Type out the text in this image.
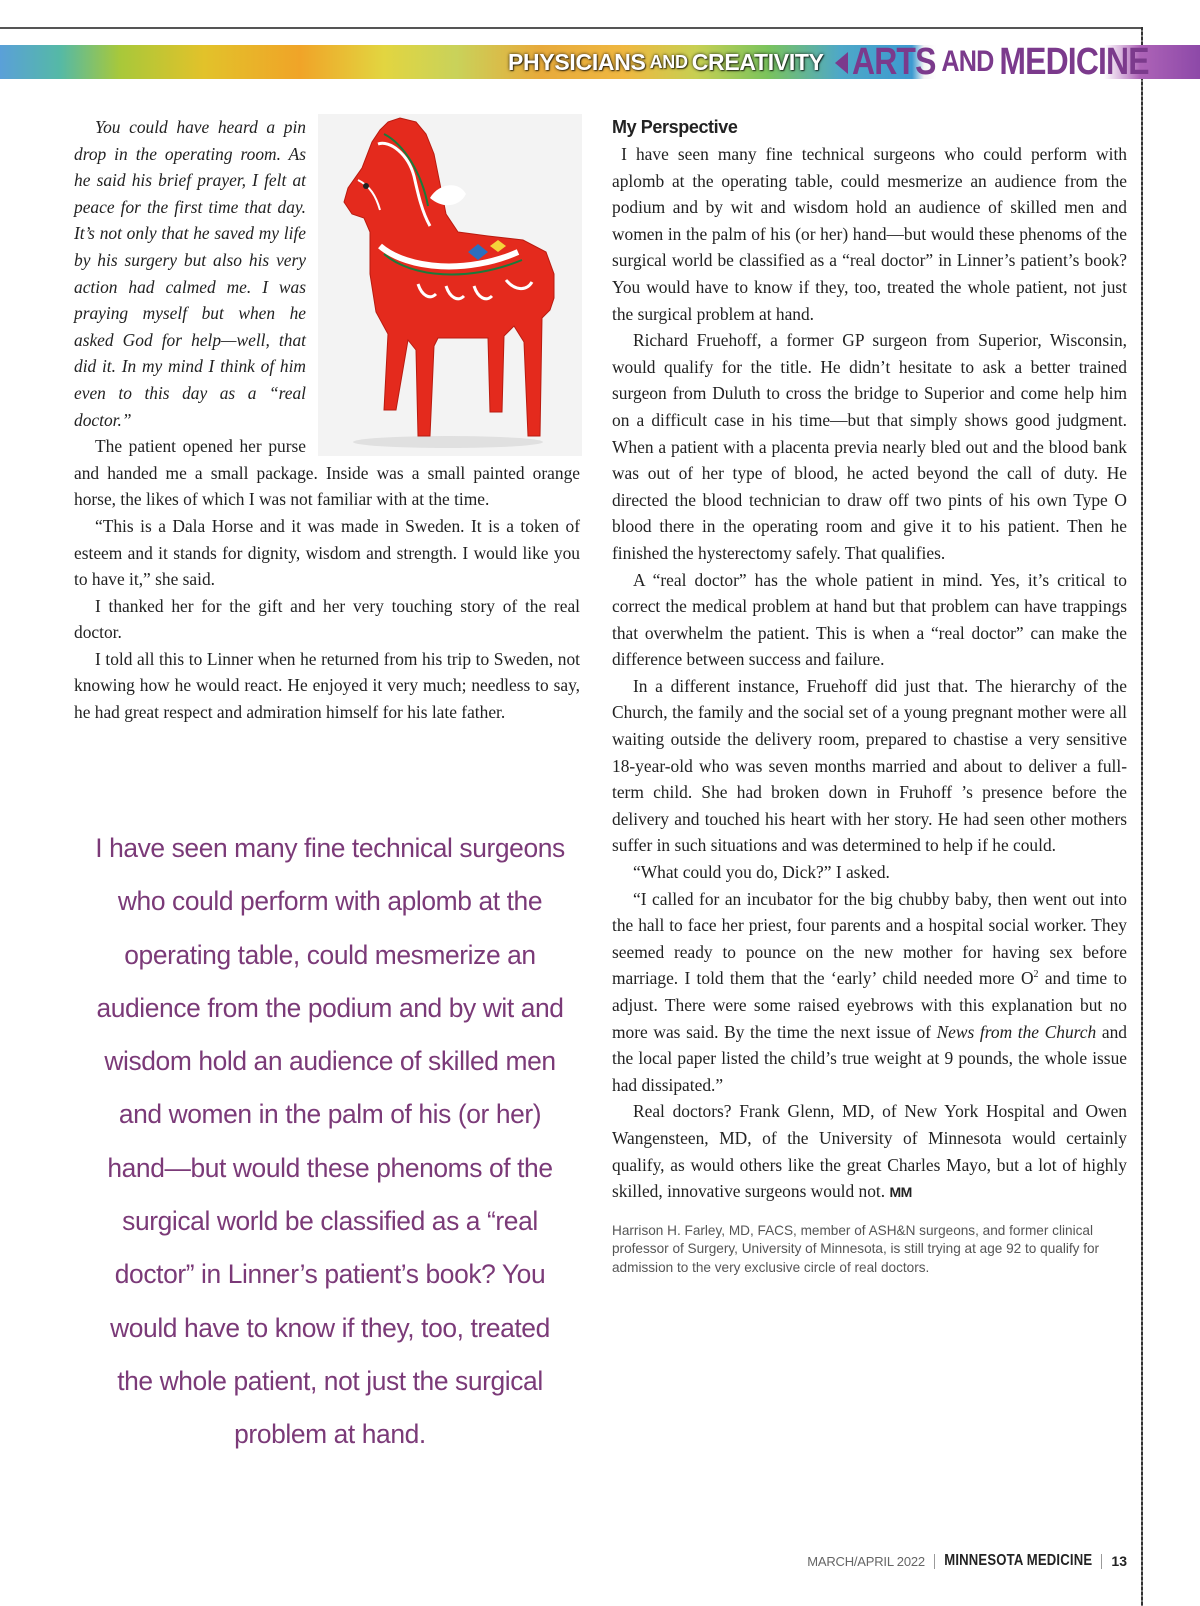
PHYSICIANS AND CREATIVITY ARTS AND MEDICINE

You could have heard a pin drop in the operating room. As he said his brief prayer, I felt at peace for the first time that day. It’s not only that he saved my life by his surgery but also his very action had calmed me. I was praying myself but when he asked God for help—well, that did it. In my mind I think of him even to this day as a “real doctor.”

The patient opened her purse and handed me a small package. Inside was a small painted orange horse, the likes of which I was not familiar with at the time.

“This is a Dala Horse and it was made in Sweden. It is a token of esteem and it stands for dignity, wisdom and strength. I would like you to have it,” she said.

I thanked her for the gift and her very touching story of the real doctor.

I told all this to Linner when he returned from his trip to Sweden, not knowing how he would react. He enjoyed it very much; needless to say, he had great respect and admiration himself for his late father.

I have seen many fine technical surgeons who could perform with aplomb at the operating table, could mesmerize an audience from the podium and by wit and wisdom hold an audience of skilled men and women in the palm of his (or her) hand—but would these phenoms of the surgical world be classified as a “real doctor” in Linner’s patient’s book? You would have to know if they, too, treated the whole patient, not just the surgical problem at hand.
My Perspective

I have seen many fine technical surgeons who could perform with aplomb at the operating table, could mesmerize an audience from the podium and by wit and wisdom hold an audience of skilled men and women in the palm of his (or her) hand—but would these phenoms of the surgical world be classified as a “real doctor” in Linner’s patient’s book? You would have to know if they, too, treated the whole patient, not just the surgical problem at hand.

Richard Fruehoff, a former GP surgeon from Superior, Wisconsin, would qualify for the title. He didn’t hesitate to ask a better trained surgeon from Duluth to cross the bridge to Superior and come help him on a difficult case in his time—but that simply shows good judgment. When a patient with a placenta previa nearly bled out and the blood bank was out of her type of blood, he acted beyond the call of duty. He directed the blood technician to draw off two pints of his own Type O blood there in the operating room and give it to his patient. Then he finished the hysterectomy safely. That qualifies.

A “real doctor” has the whole patient in mind. Yes, it’s critical to correct the medical problem at hand but that problem can have trappings that overwhelm the patient. This is when a “real doctor” can make the difference between success and failure.

In a different instance, Fruehoff did just that. The hierarchy of the Church, the family and the social set of a young pregnant mother were all waiting outside the delivery room, prepared to chastise a very sensitive 18-year-old who was seven months married and about to deliver a full-term child. She had broken down in Fruhoff ’s presence before the delivery and touched his heart with her story. He had seen other mothers suffer in such situations and was determined to help if he could.

“What could you do, Dick?” I asked.

“I called for an incubator for the big chubby baby, then went out into the hall to face her priest, four parents and a hospital social worker. They seemed ready to pounce on the new mother for having sex before marriage. I told them that the ‘early’ child needed more $O^2$ and time to adjust. There were some raised eyebrows with this explanation but no more was said. By the time the next issue of News from the Church and the local paper listed the child’s true weight at 9 pounds, the whole issue had dissipated.”

Real doctors? Frank Glenn, MD, of New York Hospital and Owen Wangensteen, MD, of the University of Minnesota would certainly qualify, as would others like the great Charles Mayo, but a lot of highly skilled, innovative surgeons would not. MM

Harrison H. Farley, MD, FACS, member of ASH&N surgeons, and former clinical professor of Surgery, University of Minnesota, is still trying at age 92 to qualify for admission to the very exclusive circle of real doctors.
MARCH/APRIL 2022 MINNESOTA MEDICINE 13
